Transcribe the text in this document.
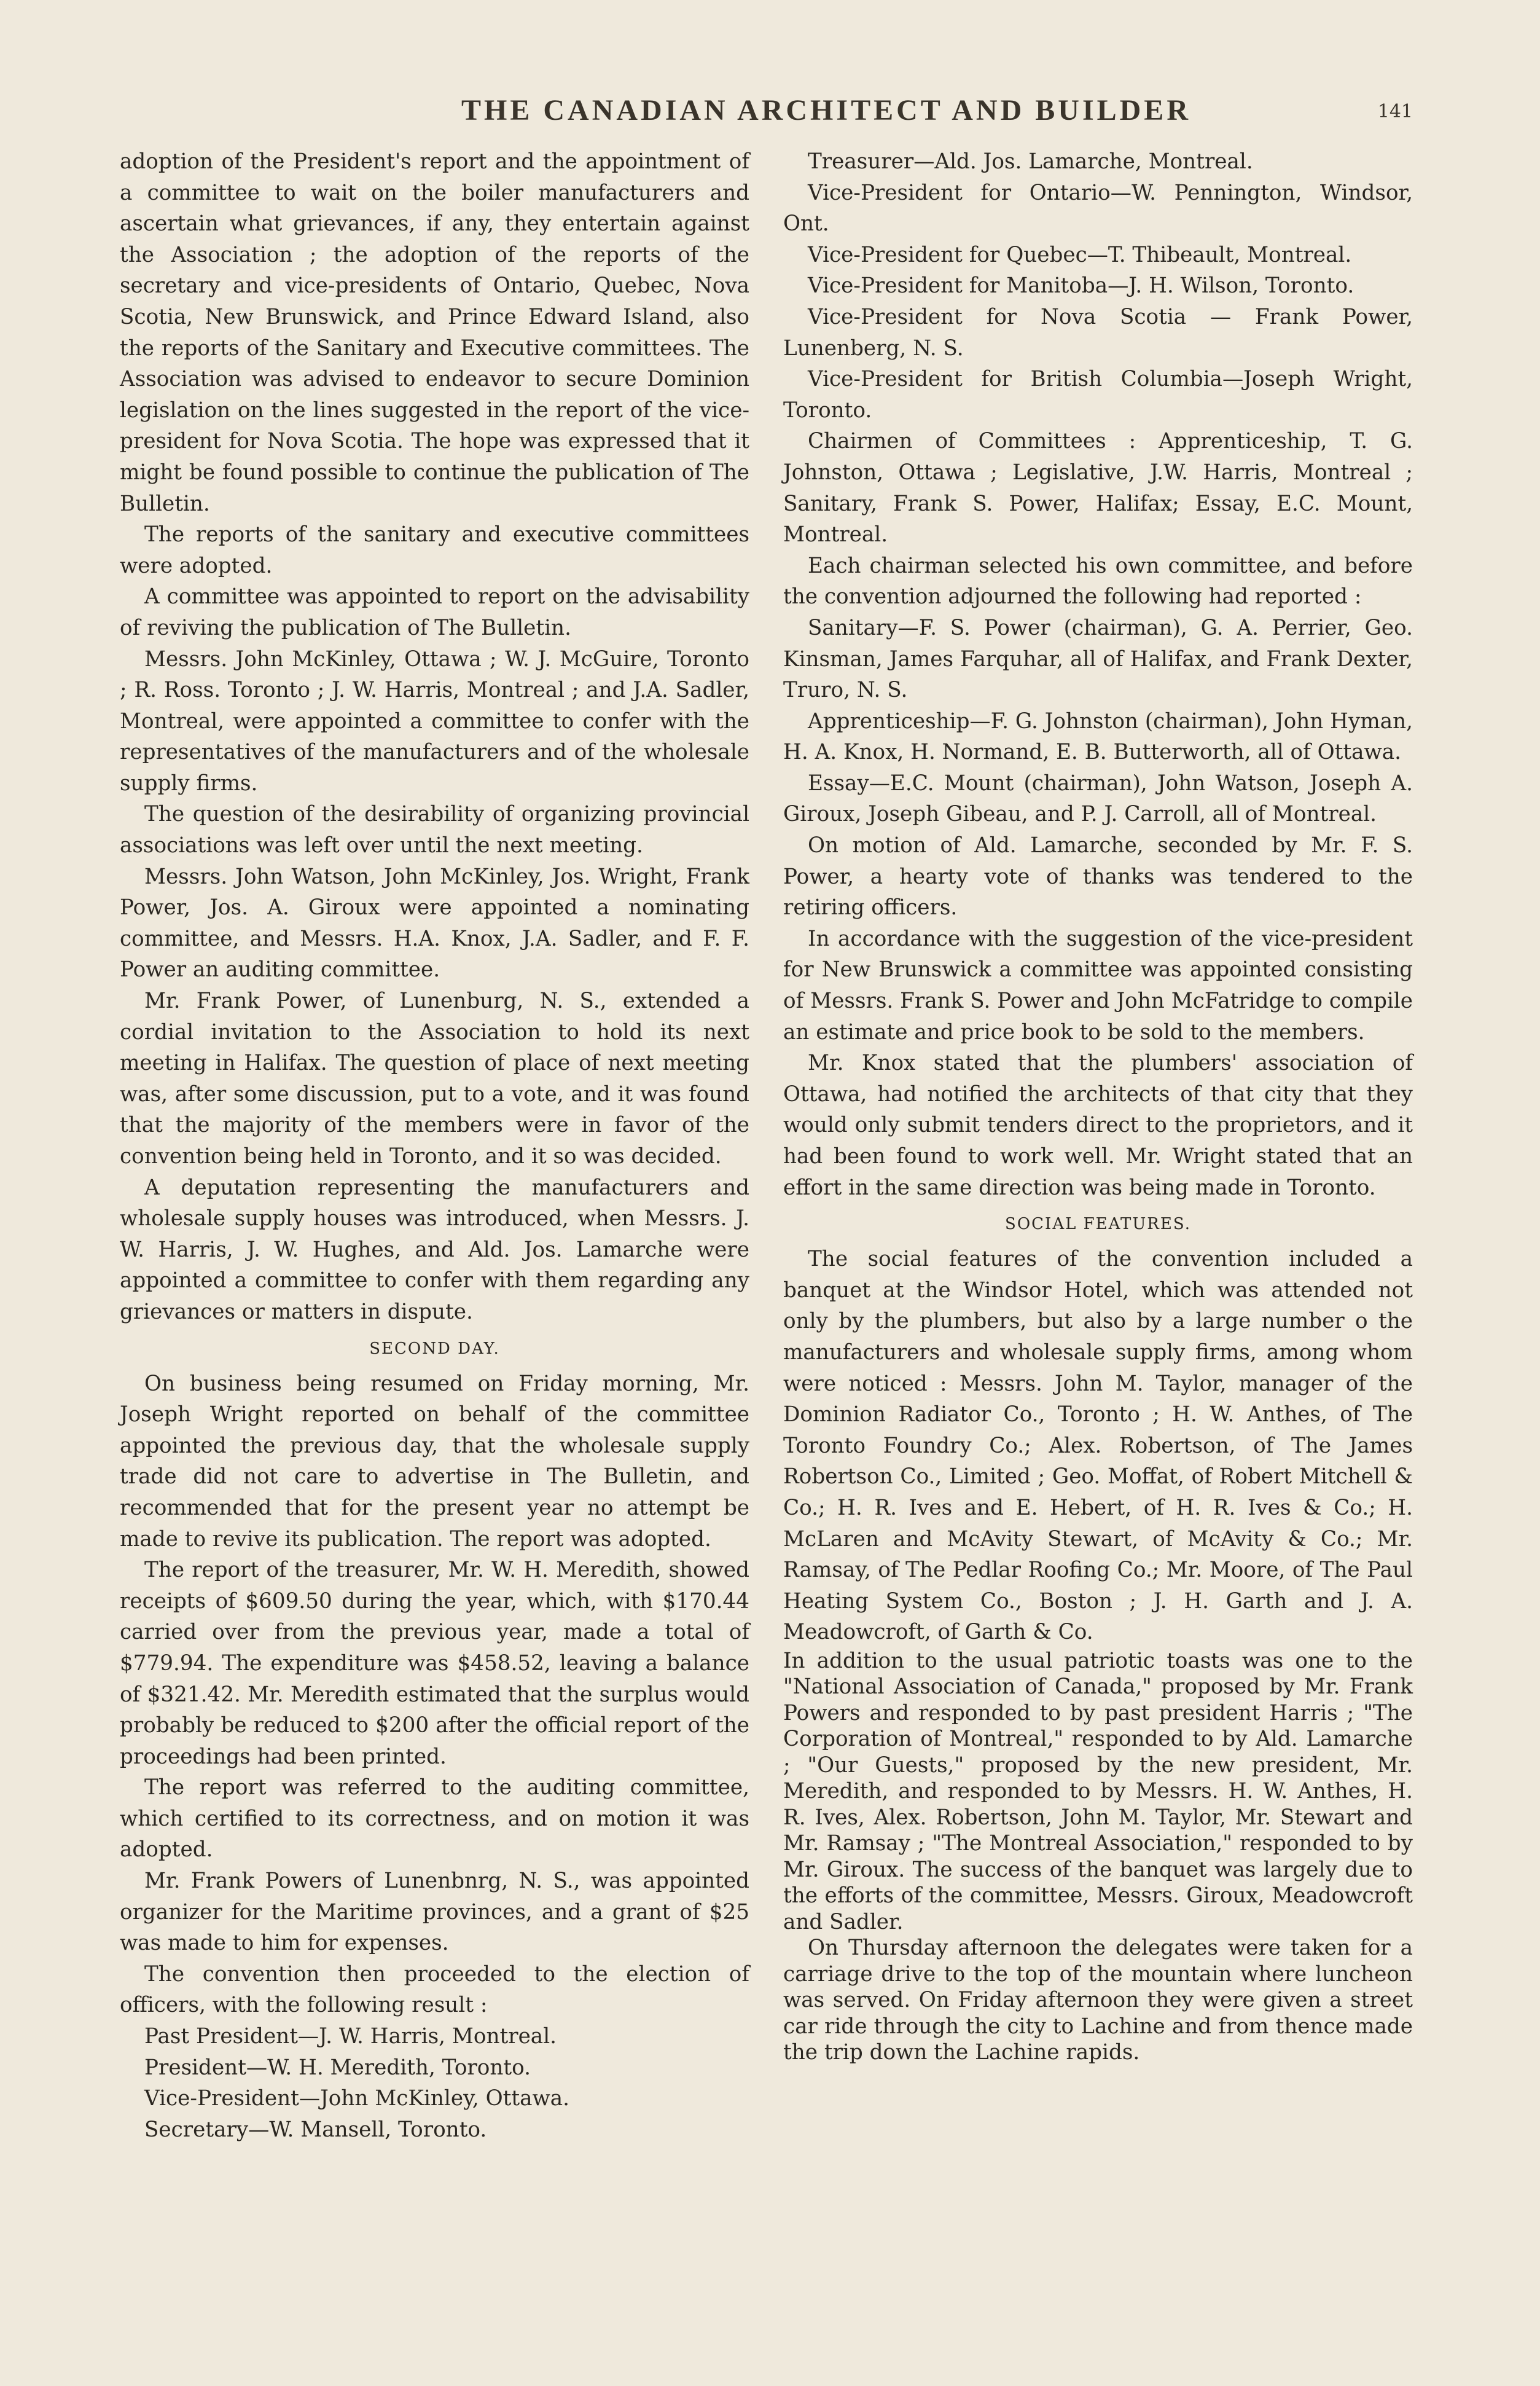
THE CANADIAN ARCHITECT AND BUILDER	141

adoption of the President's report and the appointment of a committee to wait on the boiler manufacturers and ascertain what grievances, if any, they entertain against the Association ; the adoption of the reports of the secretary and vice-presidents of Ontario, Quebec, Nova Scotia, New Brunswick, and Prince Edward Island, also the reports of the Sanitary and Executive committees. The Association was advised to endeavor to secure Dominion legislation on the lines suggested in the report of the vice-president for Nova Scotia. The hope was expressed that it might be found possible to continue the publication of The Bulletin.

The reports of the sanitary and executive committees were adopted.

A committee was appointed to report on the advisability of reviving the publication of The Bulletin.

Messrs. John McKinley, Ottawa ; W. J. McGuire, Toronto ; R. Ross. Toronto ; J. W. Harris, Montreal ; and J.A. Sadler, Montreal, were appointed a committee to confer with the representatives of the manufacturers and of the wholesale supply firms.

The question of the desirability of organizing provincial associations was left over until the next meeting.

Messrs. John Watson, John McKinley, Jos. Wright, Frank Power, Jos. A. Giroux were appointed a nominating committee, and Messrs. H.A. Knox, J.A. Sadler, and F. F. Power an auditing committee.

Mr. Frank Power, of Lunenburg, N. S., extended a cordial invitation to the Association to hold its next meeting in Halifax. The question of place of next meeting was, after some discussion, put to a vote, and it was found that the majority of the members were in favor of the convention being held in Toronto, and it so was decided.

A deputation representing the manufacturers and wholesale supply houses was introduced, when Messrs. J. W. Harris, J. W. Hughes, and Ald. Jos. Lamarche were appointed a committee to confer with them regarding any grievances or matters in dispute.

SECOND DAY.

On business being resumed on Friday morning, Mr. Joseph Wright reported on behalf of the committee appointed the previous day, that the wholesale supply trade did not care to advertise in The Bulletin, and recommended that for the present year no attempt be made to revive its publication. The report was adopted.

The report of the treasurer, Mr. W. H. Meredith, showed receipts of $609.50 during the year, which, with $170.44 carried over from the previous year, made a total of $779.94. The expenditure was $458.52, leaving a balance of $321.42. Mr. Meredith estimated that the surplus would probably be reduced to $200 after the official report of the proceedings had been printed.

The report was referred to the auditing committee, which certified to its correctness, and on motion it was adopted.

Mr. Frank Powers of Lunenbnrg, N. S., was appointed organizer for the Maritime provinces, and a grant of $25 was made to him for expenses.

The convention then proceeded to the election of officers, with the following result :

Past President—J. W. Harris, Montreal.

President—W. H. Meredith, Toronto.

Vice-President—John McKinley, Ottawa.

Secretary—W. Mansell, Toronto.

Treasurer—Ald. Jos. Lamarche, Montreal.

Vice-President for Ontario—W. Pennington, Windsor, Ont.

Vice-President for Quebec—T. Thibeault, Montreal.

Vice-President for Manitoba—J. H. Wilson, Toronto.

Vice-President for Nova Scotia — Frank Power, Lunenberg, N. S.

Vice-President for British Columbia—Joseph Wright, Toronto.

Chairmen of Committees : Apprenticeship, T. G. Johnston, Ottawa ; Legislative, J.W. Harris, Montreal ; Sanitary, Frank S. Power, Halifax; Essay, E.C. Mount, Montreal.

Each chairman selected his own committee, and before the convention adjourned the following had reported :

Sanitary—F. S. Power (chairman), G. A. Perrier, Geo. Kinsman, James Farquhar, all of Halifax, and Frank Dexter, Truro, N. S.

Apprenticeship—F. G. Johnston (chairman), John Hyman, H. A. Knox, H. Normand, E. B. Butterworth, all of Ottawa.

Essay—E.C. Mount (chairman), John Watson, Joseph A. Giroux, Joseph Gibeau, and P. J. Carroll, all of Montreal.

On motion of Ald. Lamarche, seconded by Mr. F. S. Power, a hearty vote of thanks was tendered to the retiring officers.

In accordance with the suggestion of the vice-president for New Brunswick a committee was appointed consisting of Messrs. Frank S. Power and John McFatridge to compile an estimate and price book to be sold to the members.

Mr. Knox stated that the plumbers' association of Ottawa, had notified the architects of that city that they would only submit tenders direct to the proprietors, and it had been found to work well. Mr. Wright stated that an effort in the same direction was being made in Toronto.

SOCIAL FEATURES.

The social features of the convention included a banquet at the Windsor Hotel, which was attended not only by the plumbers, but also by a large number o the manufacturers and wholesale supply firms, among whom were noticed : Messrs. John M. Taylor, manager of the Dominion Radiator Co., Toronto ; H. W. Anthes, of The Toronto Foundry Co.; Alex. Robertson, of The James Robertson Co., Limited ; Geo. Moffat, of Robert Mitchell & Co.; H. R. Ives and E. Hebert, of H. R. Ives & Co.; H. McLaren and McAvity Stewart, of McAvity & Co.; Mr. Ramsay, of The Pedlar Roofing Co.; Mr. Moore, of The Paul Heating System Co., Boston ; J. H. Garth and J. A. Meadowcroft, of Garth & Co.

In addition to the usual patriotic toasts was one to the "National Association of Canada," proposed by Mr. Frank Powers and responded to by past president Harris ; "The Corporation of Montreal," responded to by Ald. Lamarche ; "Our Guests," proposed by the new president, Mr. Meredith, and responded to by Messrs. H. W. Anthes, H. R. Ives, Alex. Robertson, John M. Taylor, Mr. Stewart and Mr. Ramsay ; "The Montreal Association," responded to by Mr. Giroux. The success of the banquet was largely due to the efforts of the committee, Messrs. Giroux, Meadowcroft and Sadler.

On Thursday afternoon the delegates were taken for a carriage drive to the top of the mountain where luncheon was served. On Friday afternoon they were given a street car ride through the city to Lachine and from thence made the trip down the Lachine rapids.
